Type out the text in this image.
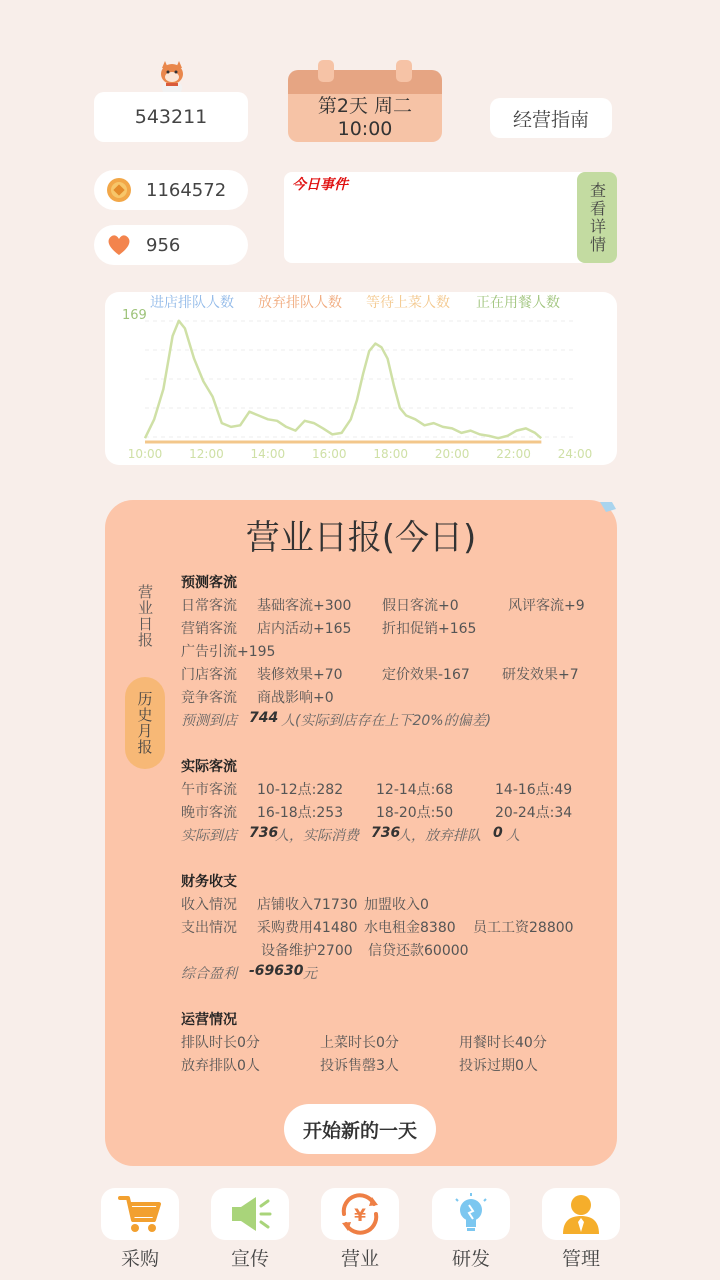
543211	第2天 周二
10:00	经营指南
1164572
956
今日事件	查看详情
进店排队人数 放弃排队人数 等待上菜人数 正在用餐人数
169
10:00 12:00 14:00 16:00 18:00 20:00 22:00 24:00
营业日报(今日)
营业日报
历史月报
预测客流
日常客流 基础客流+300 假日客流+0	风评客流+9
营销客流 店内活动+165 折扣促销+165
广告引流+195
门店客流 装修效果+70	定价效果-167 研发效果+7
竞争客流 商战影响+0
预测到店 744 人(实际到店存在上下20%的偏差)
实际客流
午市客流 10-12点:282 12-14点:68	14-16点:49
晚市客流 16-18点:253 18-20点:50	20-24点:34
实际到店 736
人，实际消费 736
人，放弃排队 0 人
财务收支
收入情况 店铺收入71730 加盟收入0
支出情况 采购费用41480 水电租金8380 员工工资28800
设备维护2700 信贷还款60000
综合盈利 -69630 元
运营情况
排队时长0分	上菜时长0分	用餐时长40分
放弃排队0人	投诉售罄3人	投诉过期0人
开始新的一天
采购	宣传
¥
营业	研发	管理
